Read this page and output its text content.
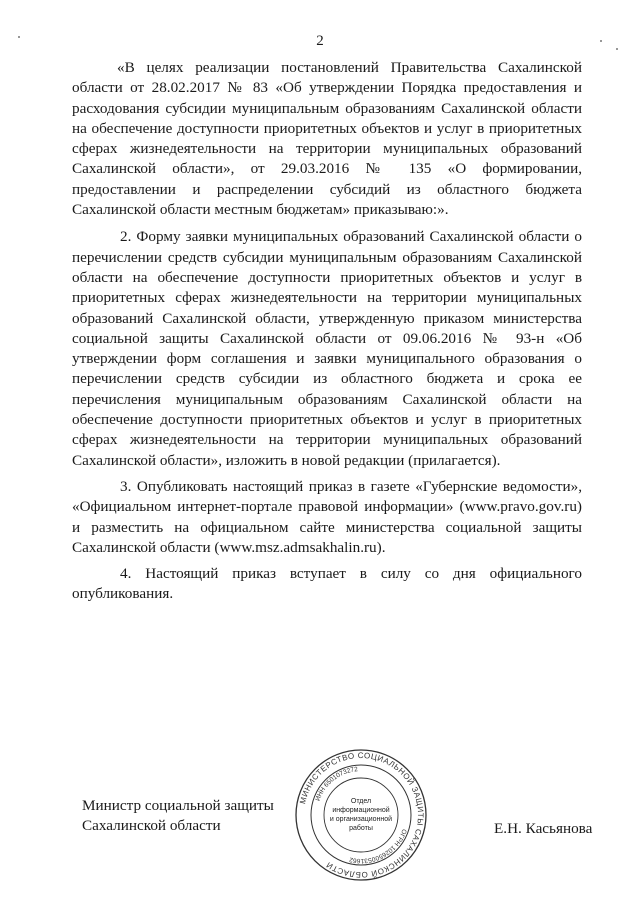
2

«В целях реализации постановлений Правительства Сахалинской области от 28.02.2017 № 83 «Об утверждении Порядка предоставления и расходования субсидии муниципальным образованиям Сахалинской области на обеспечение доступности приоритетных объектов и услуг в приоритетных сферах жизнедеятельности на территории муниципальных образований Сахалинской области», от 29.03.2016 № 135 «О формировании, предоставлении и распределении субсидий из областного бюджета Сахалинской области местным бюджетам» приказываю:».

2. Форму заявки муниципальных образований Сахалинской области о перечислении средств субсидии муниципальным образованиям Сахалинской области на обеспечение доступности приоритетных объектов и услуг в приоритетных сферах жизнедеятельности на территории муниципальных образований Сахалинской области, утвержденную приказом министерства социальной защиты Сахалинской области от 09.06.2016 № 93-н «Об утверждении форм соглашения и заявки муниципального образования о перечислении средств субсидии из областного бюджета и срока ее перечисления муниципальным образованиям Сахалинской области на обеспечение доступности приоритетных объектов и услуг в приоритетных сферах жизнедеятельности на территории муниципальных образований Сахалинской области», изложить в новой редакции (прилагается).

3. Опубликовать настоящий приказ в газете «Губернские ведомости», «Официальном интернет-портале правовой информации» (www.pravo.gov.ru) и разместить на официальном сайте министерства социальной защиты Сахалинской области (www.msz.admsakhalin.ru).

4. Настоящий приказ вступает в силу со дня официального опубликования.

Министр социальной защиты
Сахалинской области	Е.Н. Касьянова
МИНИСТЕРСТВО СОЦИАЛЬНОЙ ЗАЩИТЫ САХАЛИНСКОЙ ОБЛАСТИ
ОГРН 1026500531662
ИНН 6501073272
Отдел
информационной
и организационной
работы
